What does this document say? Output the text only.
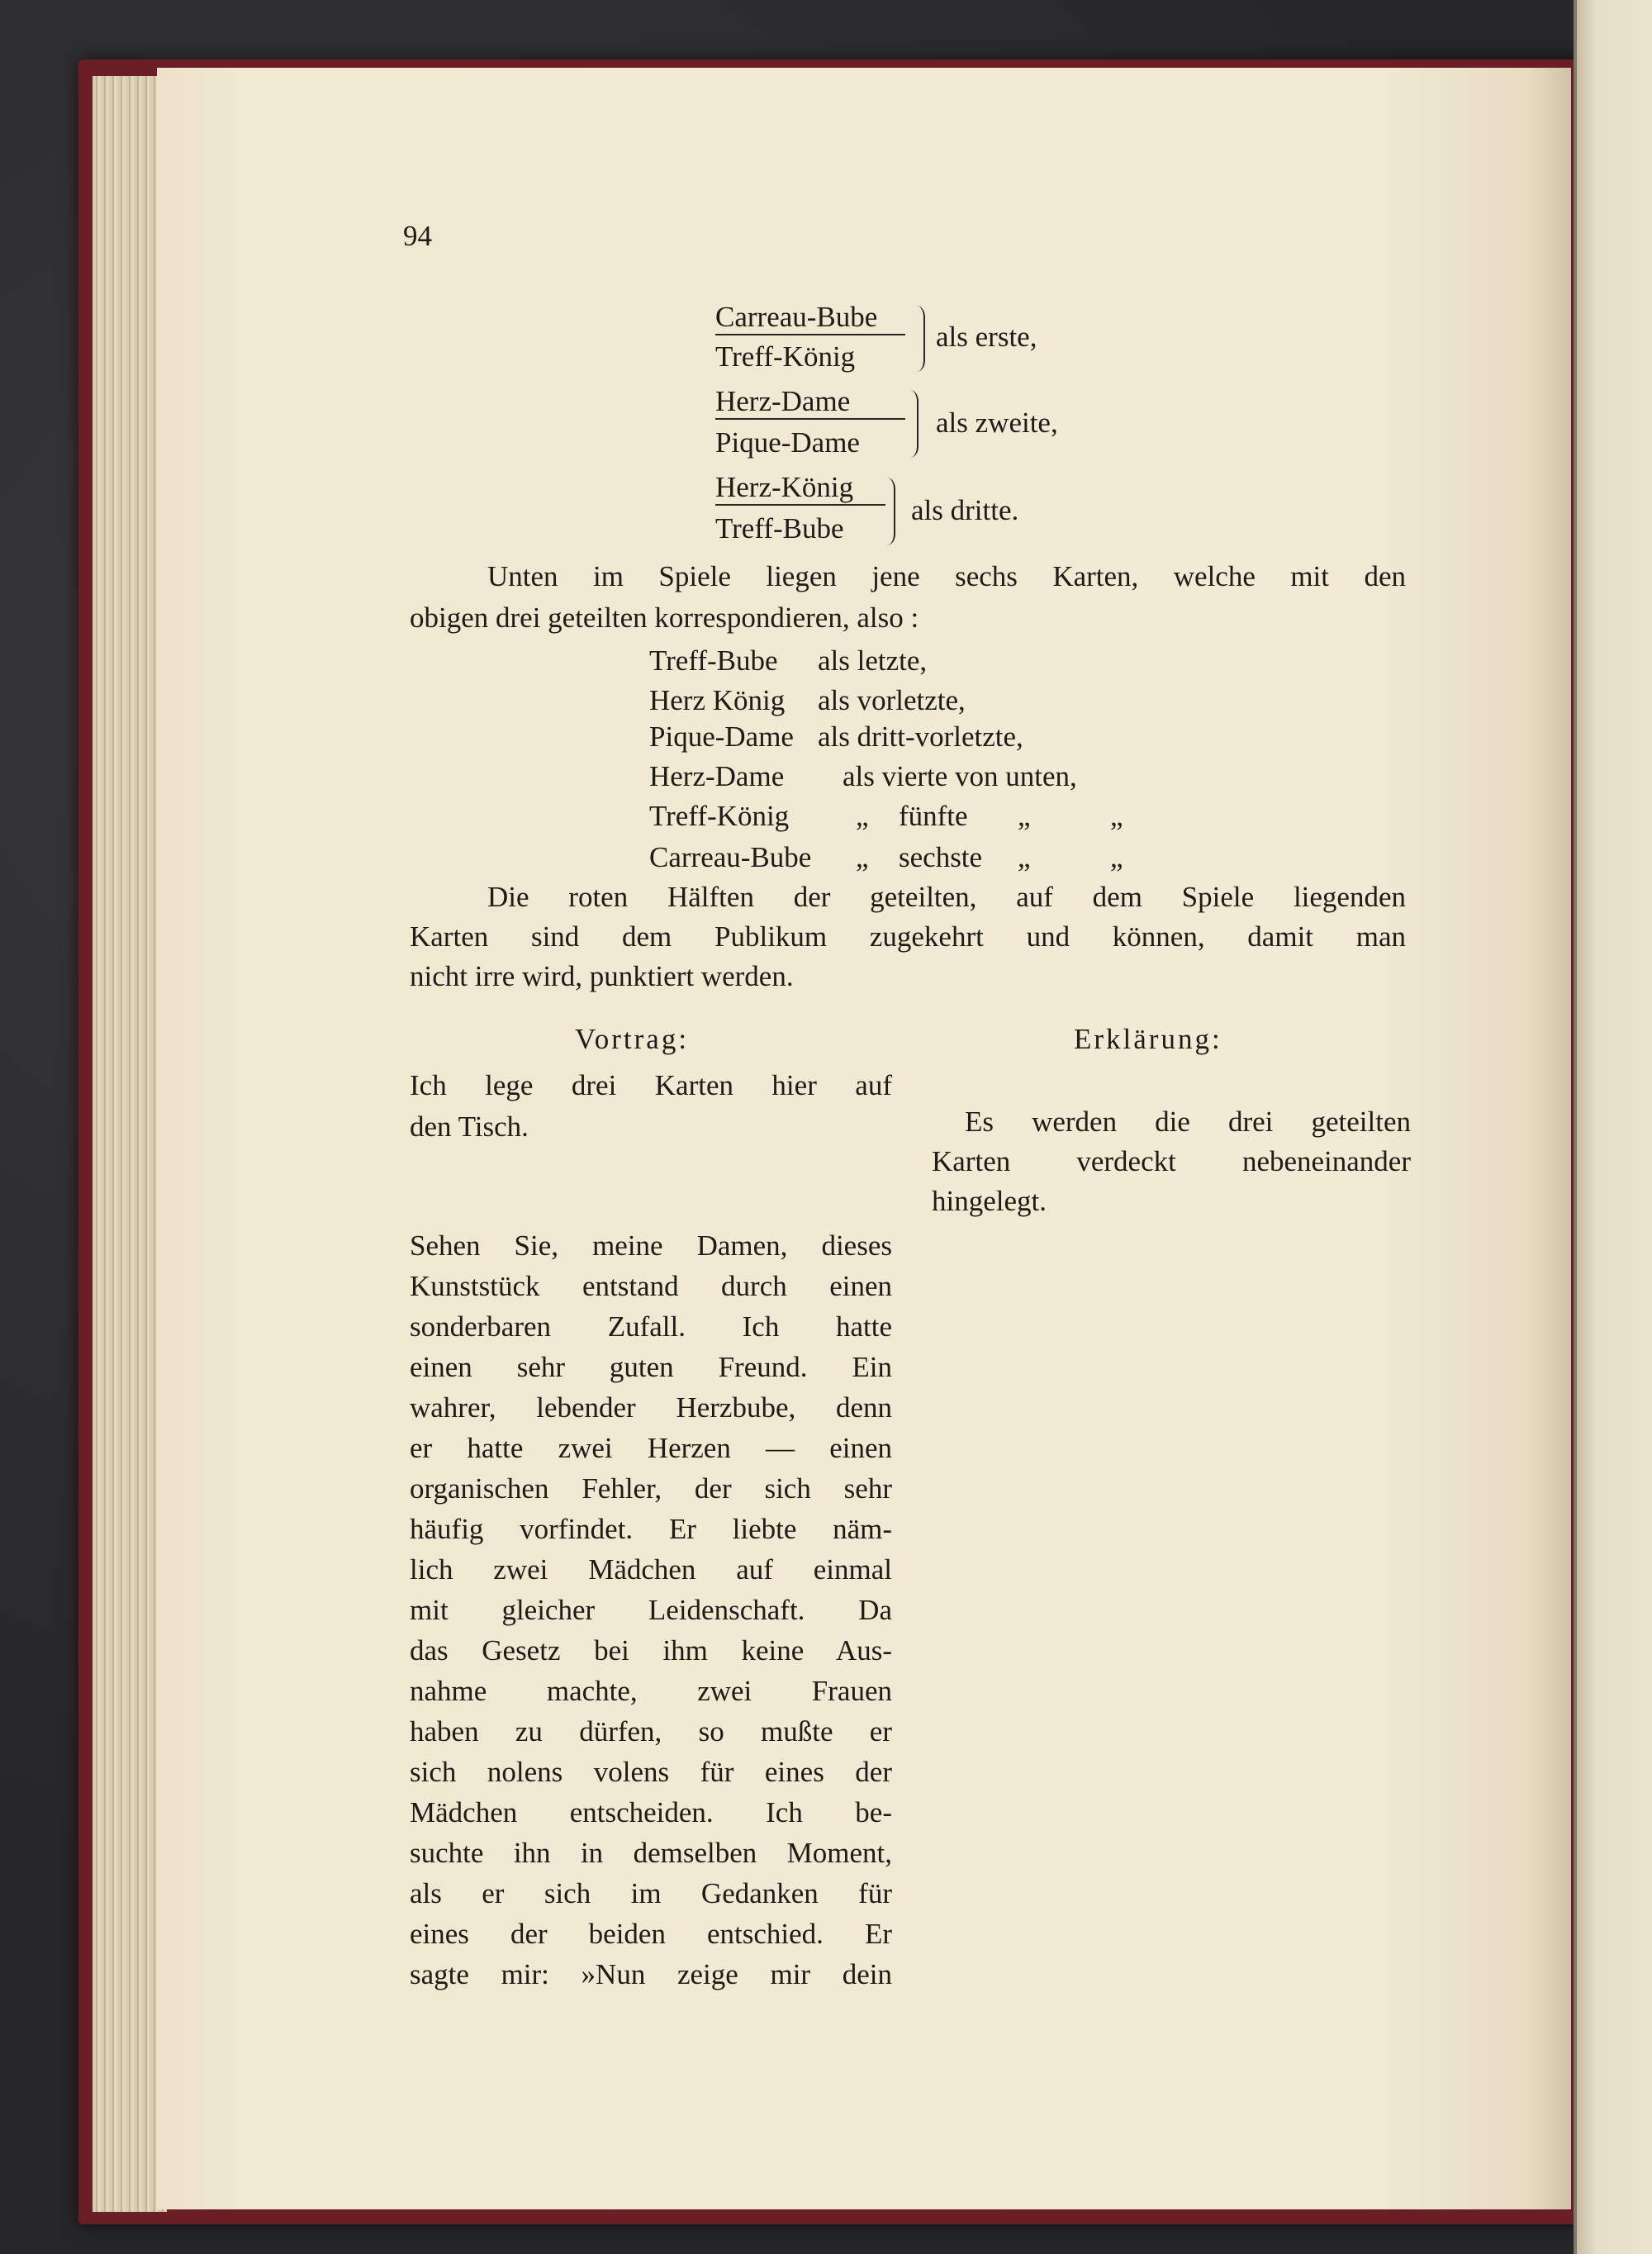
94
Carreau-Bube
Treff-König
als erste,
Herz-Dame
Pique-Dame
als zweite,
Herz-König
Treff-Bube
als dritte.
Unten im Spiele liegen jene sechs Karten, welche mit den
obigen drei geteilten korrespondieren, also :
Treff-Bube als letzte,
Herz König als vorletzte,
Pique-Dame als dritt-vorletzte,
Herz-Dame als vierte von unten,
Treff-König „ fünfte „	„
Carreau-Bube „ sechste „	„
Die roten Hälften der geteilten, auf dem Spiele liegenden
Karten sind dem Publikum zugekehrt und können, damit man
nicht irre wird, punktiert werden.
Vortrag:	Erklärung:
Ich lege drei Karten hier auf
den Tisch.	Es werden die drei geteilten
Karten verdeckt nebeneinander
hingelegt.
Sehen Sie, meine Damen, dieses
Kunststück entstand durch einen
sonderbaren Zufall. Ich hatte
einen sehr guten Freund. Ein
wahrer, lebender Herzbube, denn
er hatte zwei Herzen — einen
organischen Fehler, der sich sehr
häufig vorfindet. Er liebte näm-
lich zwei Mädchen auf einmal
mit gleicher Leidenschaft. Da
das Gesetz bei ihm keine Aus-
nahme machte, zwei Frauen
haben zu dürfen, so mußte er
sich nolens volens für eines der
Mädchen entscheiden. Ich be-
suchte ihn in demselben Moment,
als er sich im Gedanken für
eines der beiden entschied. Er
sagte mir: »Nun zeige mir dein
